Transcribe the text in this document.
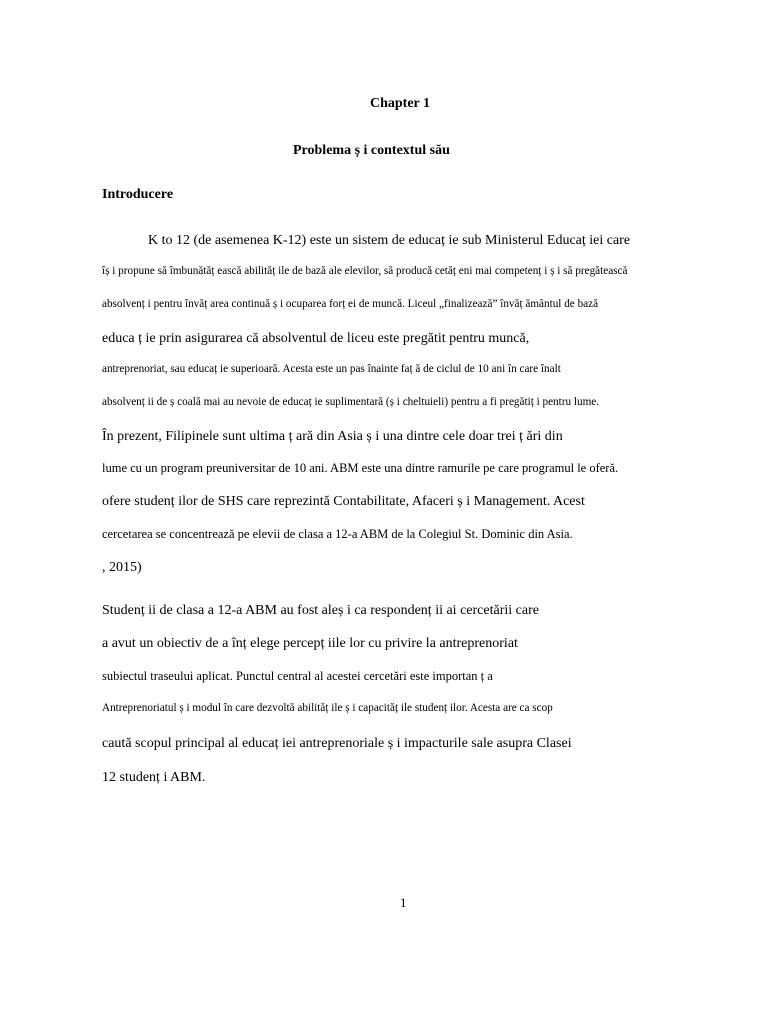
Chapter 1
Problema ș i contextul său
Introducere
K to 12 (de asemenea K-12) este un sistem de educaț ie sub Ministerul Educaț iei care
îș i propune să îmbunătăț ească abilităț ile de bază ale elevilor, să producă cetăț eni mai competenț i ș i să pregătească
absolvenț i pentru învăț area continuă ș i ocuparea forț ei de muncă. Liceul „finalizează” învăț ământul de bază
educa ț ie prin asigurarea că absolventul de liceu este pregătit pentru muncă,
antreprenoriat, sau educaț ie superioară. Acesta este un pas înainte faț ă de ciclul de 10 ani în care înalt
absolvenț ii de ș coală mai au nevoie de educaț ie suplimentară (ș i cheltuieli) pentru a fi pregătiț i pentru lume.
În prezent, Filipinele sunt ultima ț ară din Asia ș i una dintre cele doar trei ț ări din
lume cu un program preuniversitar de 10 ani. ABM este una dintre ramurile pe care programul le oferă.
ofere studenț ilor de SHS care reprezintă Contabilitate, Afaceri ș i Management. Acest
cercetarea se concentrează pe elevii de clasa a 12-a ABM de la Colegiul St. Dominic din Asia.
, 2015)
Studenț ii de clasa a 12-a ABM au fost aleș i ca respondenț ii ai cercetării care
a avut un obiectiv de a înț elege percepț iile lor cu privire la antreprenoriat
subiectul traseului aplicat. Punctul central al acestei cercetări este importan ț a
Antreprenoriatul ș i modul în care dezvoltă abilităț ile ș i capacităț ile studenț ilor. Acesta are ca scop
caută scopul principal al educaț iei antreprenoriale ș i impacturile sale asupra Clasei
12 studenț i ABM.
1
